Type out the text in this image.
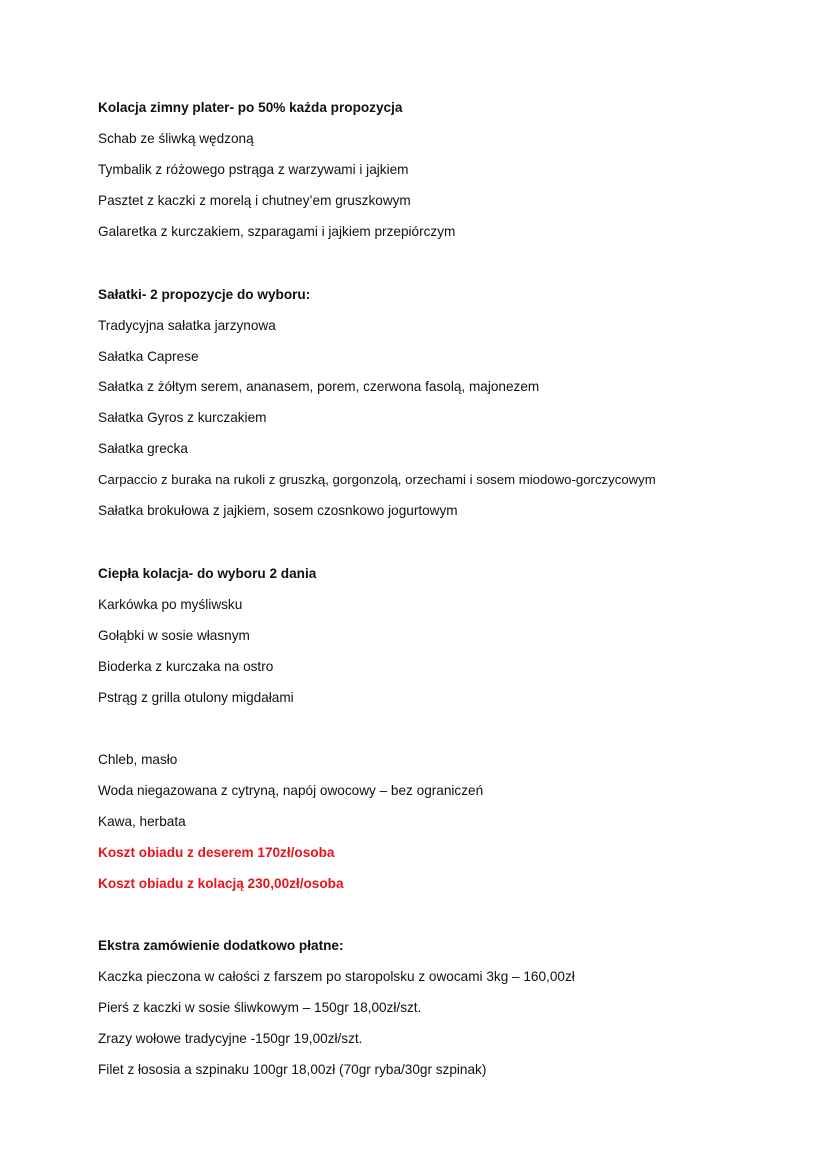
Kolacja zimny plater- po 50% każda propozycja
Schab ze śliwką wędzoną
Tymbalik z różowego pstrąga z warzywami i jajkiem
Pasztet z kaczki z morelą i chutney’em gruszkowym
Galaretka z kurczakiem, szparagami i jajkiem przepiórczym
Sałatki- 2 propozycje do wyboru:
Tradycyjna sałatka jarzynowa
Sałatka Caprese
Sałatka z żółtym serem, ananasem, porem, czerwona fasolą, majonezem
Sałatka Gyros z kurczakiem
Sałatka grecka
Carpaccio z buraka na rukoli z gruszką, gorgonzolą, orzechami i sosem miodowo-gorczycowym
Sałatka brokułowa z jajkiem, sosem czosnkowo jogurtowym
Ciepła kolacja- do wyboru 2 dania
Karkówka po myśliwsku
Gołąbki w sosie własnym
Bioderka z kurczaka na ostro
Pstrąg z grilla otulony migdałami
Chleb, masło
Woda niegazowana z cytryną, napój owocowy – bez ograniczeń
Kawa, herbata
Koszt obiadu z deserem 170zł/osoba
Koszt obiadu z kolacją 230,00zł/osoba
Ekstra zamówienie dodatkowo płatne:
Kaczka pieczona w całości z farszem po staropolsku z owocami 3kg – 160,00zł
Pierś z kaczki w sosie śliwkowym – 150gr 18,00zł/szt.
Zrazy wołowe tradycyjne -150gr 19,00zł/szt.
Filet z łososia a szpinaku 100gr 18,00zł (70gr ryba/30gr szpinak)
